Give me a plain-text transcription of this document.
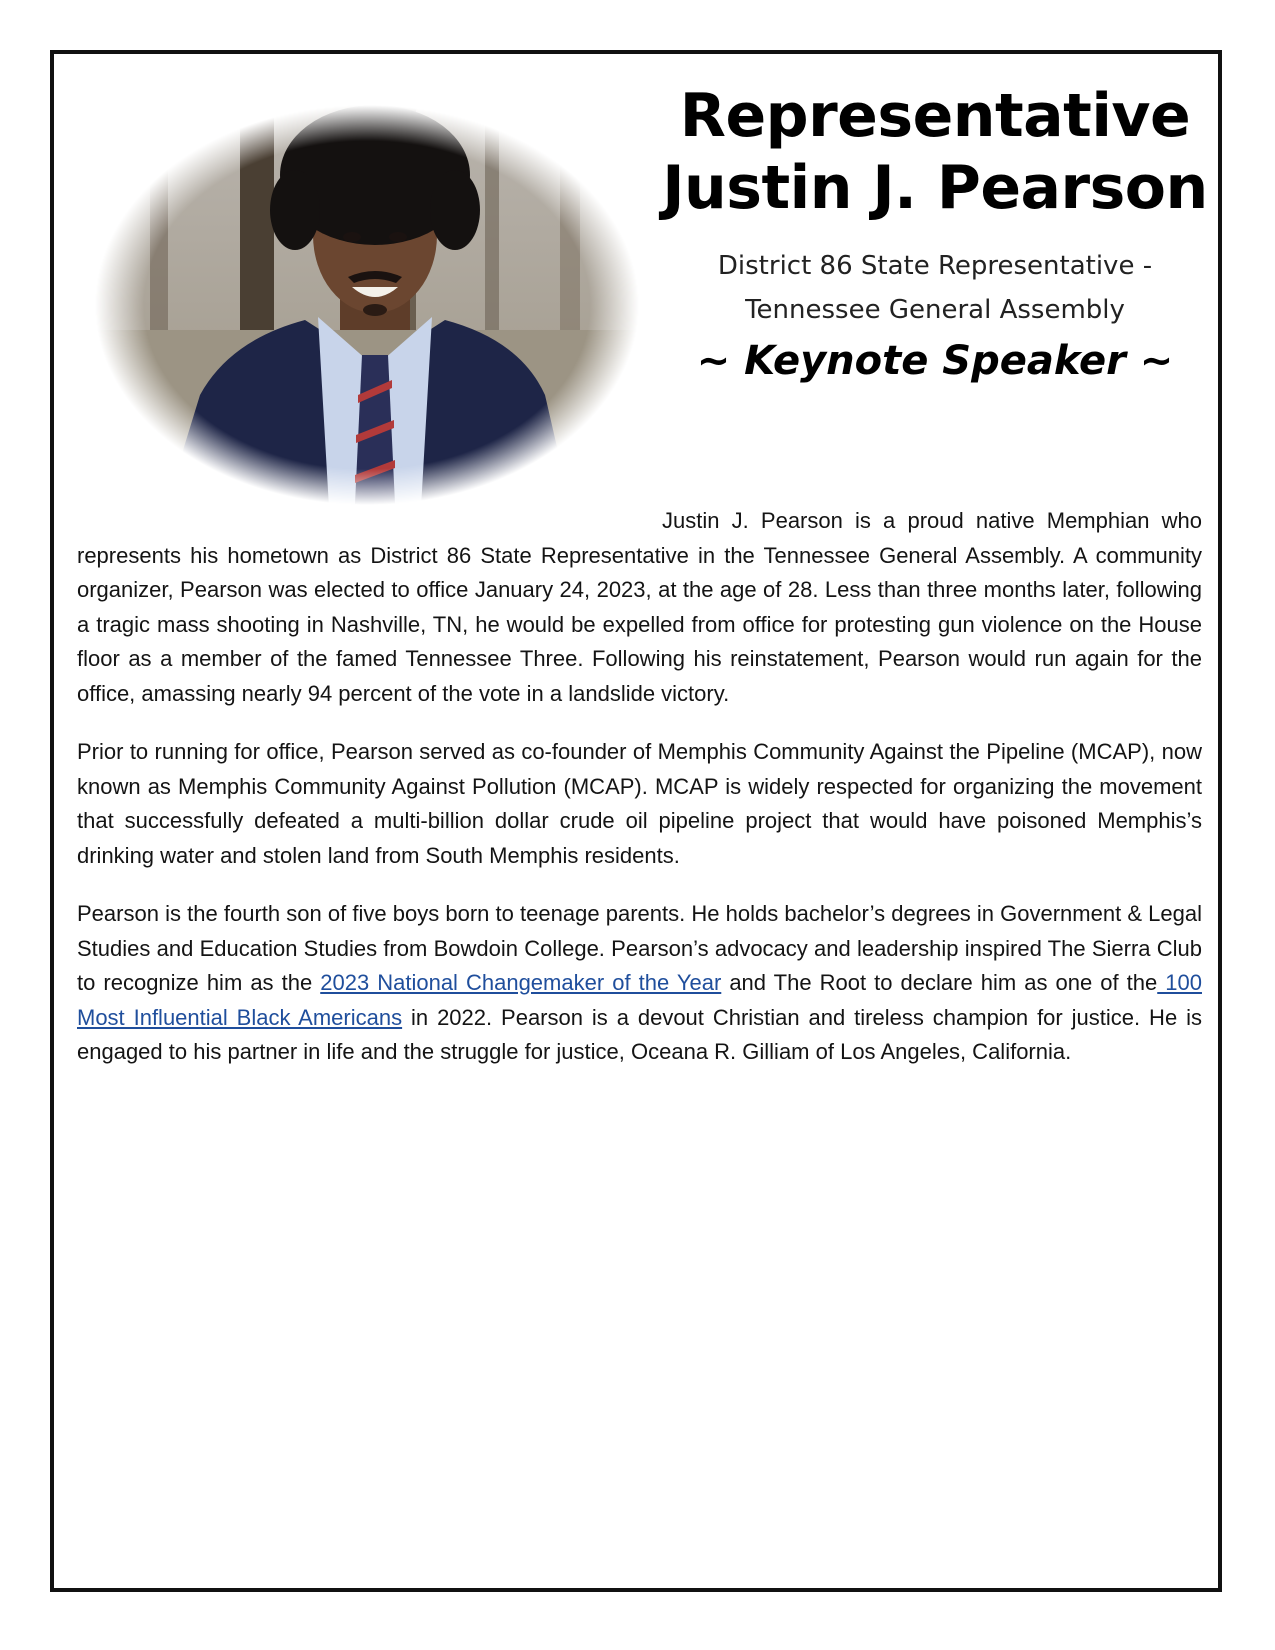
Representative
Justin J. Pearson
District 86 State Representative -
Tennessee General Assembly
~ Keynote Speaker ~

Justin J. Pearson is a proud native Memphian who represents his hometown as District 86 State Representative in the Tennessee General Assembly. A community organizer, Pearson was elected to office January 24, 2023, at the age of 28. Less than three months later, following a tragic mass shooting in Nashville, TN, he would be expelled from office for protesting gun violence on the House floor as a member of the famed Tennessee Three. Following his reinstatement, Pearson would run again for the office, amassing nearly 94 percent of the vote in a landslide victory.

Prior to running for office, Pearson served as co-founder of Memphis Community Against the Pipeline (MCAP), now known as Memphis Community Against Pollution (MCAP). MCAP is widely respected for organizing the movement that successfully defeated a multi-billion dollar crude oil pipeline project that would have poisoned Memphis’s drinking water and stolen land from South Memphis residents.

Pearson is the fourth son of five boys born to teenage parents. He holds bachelor’s degrees in Government & Legal Studies and Education Studies from Bowdoin College. Pearson’s advocacy and leadership inspired The Sierra Club to recognize him as the 2023 National Changemaker of the Year and The Root to declare him as one of the 100 Most Influential Black Americans in 2022. Pearson is a devout Christian and tireless champion for justice. He is engaged to his partner in life and the struggle for justice, Oceana R. Gilliam of Los Angeles, California.
